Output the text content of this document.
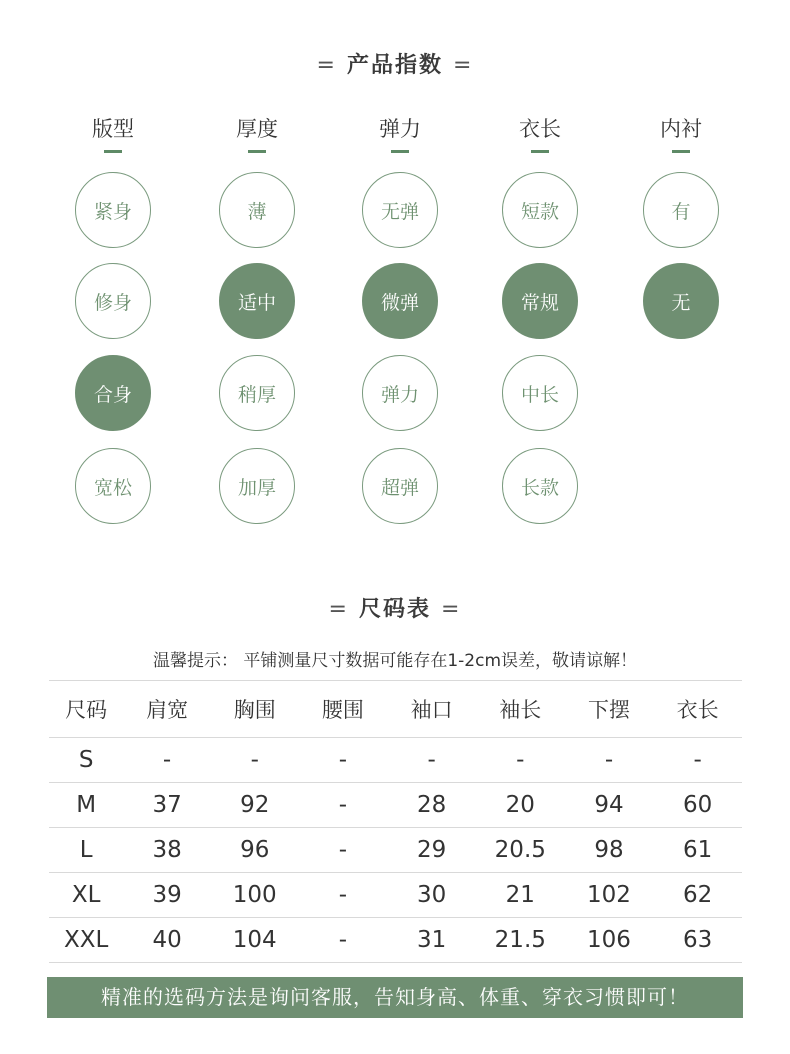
= 产品指数 =
版型
紧身
修身
合身
宽松
厚度
薄
适中
稍厚
加厚
弹力
无弹
微弹
弹力
超弹
衣长
短款
常规
中长
长款
内衬
有
无
= 尺码表 =
温馨提示： 平铺测量尺寸数据可能存在1-2cm误差，敬请谅解！
尺码	肩宽	胸围	腰围	袖口	袖长	下摆	衣长
S	-	-	-	-	-	-	-
M	37	92	-	28	20	94	60
L	38	96	-	29	20.5	98	61
XL	39	100	-	30	21	102	62
XXL	40	104	-	31	21.5	106	63
精准的选码方法是询问客服，告知身高、体重、穿衣习惯即可！
